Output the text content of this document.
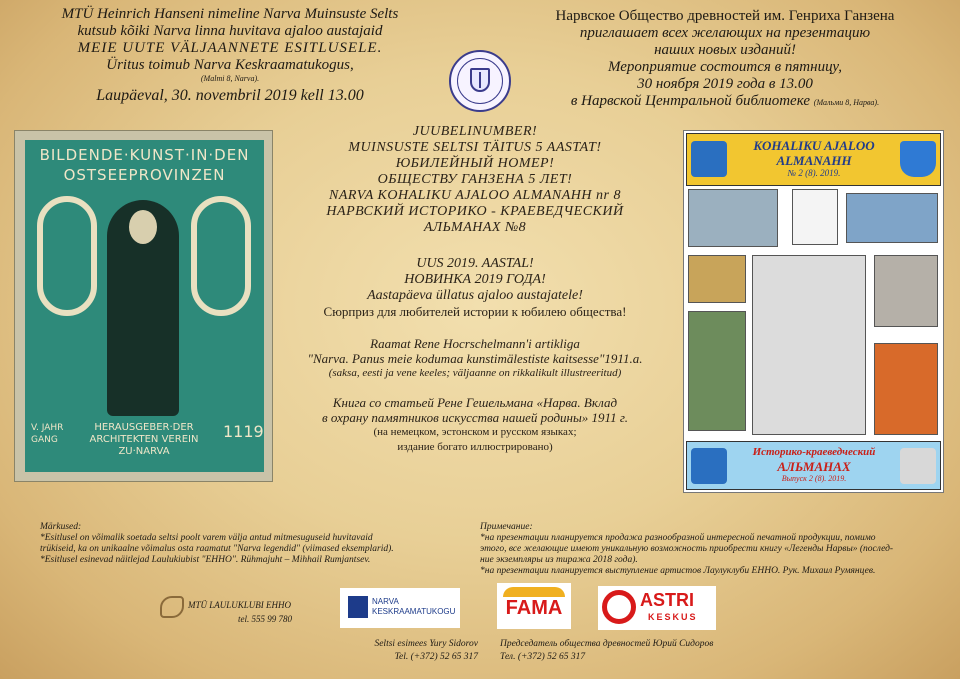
MTÜ Heinrich Hanseni nimeline Narva Muinsuste Selts
kutsub kõiki Narva linna huvitava ajaloo austajaid
MEIE UUTE VÄLJAANNETE ESITLUSELE.
Üritus toimub Narva Keskraamatukogus,
(Malmi 8, Narva).
Laupäeval, 30. novembril 2019 kell 13.00
Нарвское Общество древностей им. Генриха Ганзена
приглашает всех желающих на презентацию
наших новых изданий!
Мероприятие состоится в пятницу,
30 ноября 2019 года в 13.00
в Нарвской Центральной библиотеке (Мальми 8, Нарва).
BILDENDE·KUNST·IN·DEN
OSTSEEPROVINZEN
V. JAHR GANG
HERAUSGEBER·DER
ARCHITEKTEN VEREIN
ZU·NARVA
1119
JUUBELINUMBER!
MUINSUSTE SELTSI TÄITUS 5 AASTAT!
ЮБИЛЕЙНЫЙ НОМЕР!
ОБЩЕСТВУ ГАНЗЕНА 5 ЛЕТ!
NARVA KOHALIKU AJALOO ALMANAHH nr 8
НАРВСКИЙ ИСТОРИКО - КРАЕВЕДЧЕСКИЙ
АЛЬМАНАХ №8
UUS 2019. AASTAL!
НОВИНКА 2019 ГОДА!
Aastapäeva üllatus ajaloo austajatele!
Сюрприз для любителей истории к юбилею общества!
Raamat Rene Hocrschelmann'i artikliga
"Narva. Panus meie kodumaa kunstimälestiste kaitsesse"1911.a.
(saksa, eesti ja vene keeles; väljaanne on rikkalikult illustreeritud)
Книга со статьей Рене Гешельмана «Нарва. Вклад
в охрану памятников искусства нашей родины» 1911 г.
(на немецком, эстонском и русском языках;
издание богато иллюстрировано)
KOHALIKU AJALOO
ALMANAHH
№ 2 (8). 2019.
Историко-краеведческий
АЛЬМАНАХ
Выпуск 2 (8). 2019.
Märkused:
*Esitlusel on võimalik soetada seltsi poolt varem välja antud mitmesuguseid huvitavaid
trükiseid, ka on unikaalne võimalus osta raamatut "Narva legendid" (viimased eksemplarid).
*Esitlusel esinevad näitlejad Laulukiubist "EHHO". Rühmajuht – Mihhail Rumjantsev.
Примечание:
*на презентации планируется продажа разнообразной интересной печатной продукции, помимо
этого, все желающие имеют уникальную возможность приобрести книгу «Легенды Нарвы» (послед-
ние экземпляры из тиража 2018 года).
*на презентации планируется выступление артистов Лаулуклуби ЕННО. Рук. Михаил Румянцев.
MTÜ LAULUKLUBI EHHO
tel. 555 99 780
NARVA
KESKRAAMATUKOGU	FAMA	ASTRI
KESKUS
Seltsi esimees Yury Sidorov
Tel. (+372) 52 65 317
Председатель общества древностей Юрий Сидоров
Тел. (+372) 52 65 317
